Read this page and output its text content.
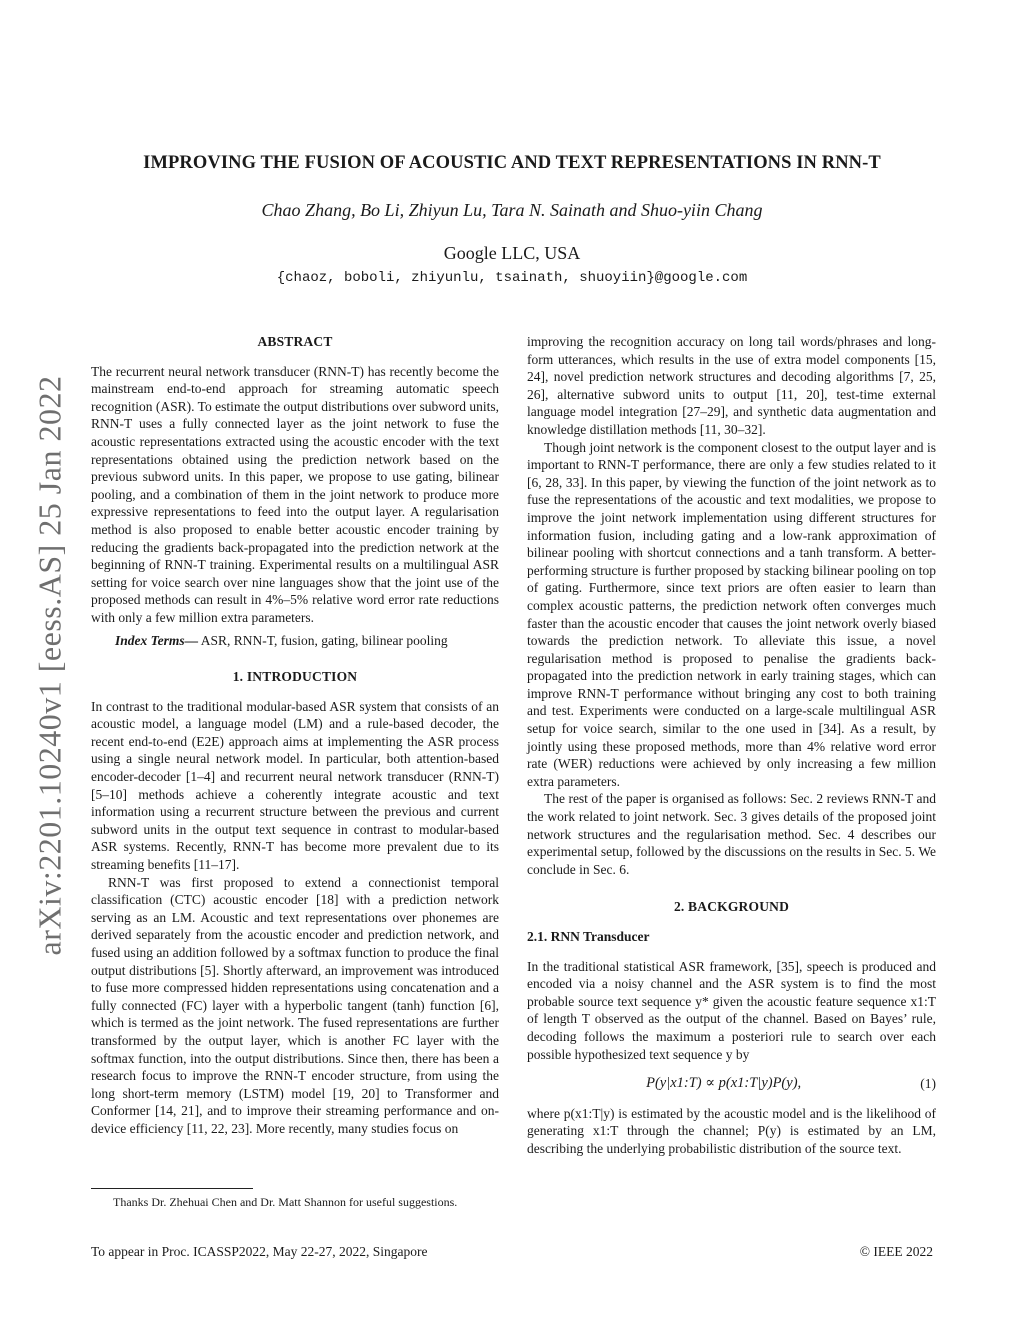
arXiv:2201.10240v1 [eess.AS] 25 Jan 2022
IMPROVING THE FUSION OF ACOUSTIC AND TEXT REPRESENTATIONS IN RNN-T
Chao Zhang, Bo Li, Zhiyun Lu, Tara N. Sainath and Shuo-yiin Chang
Google LLC, USA
{chaoz, boboli, zhiyunlu, tsainath, shuoyiin}@google.com
ABSTRACT

The recurrent neural network transducer (RNN-T) has recently become the mainstream end-to-end approach for streaming automatic speech recognition (ASR). To estimate the output distributions over subword units, RNN-T uses a fully connected layer as the joint network to fuse the acoustic representations extracted using the acoustic encoder with the text representations obtained using the prediction network based on the previous subword units. In this paper, we propose to use gating, bilinear pooling, and a combination of them in the joint network to produce more expressive representations to feed into the output layer. A regularisation method is also proposed to enable better acoustic encoder training by reducing the gradients back-propagated into the prediction network at the beginning of RNN-T training. Experimental results on a multilingual ASR setting for voice search over nine languages show that the joint use of the proposed methods can result in 4%–5% relative word error rate reductions with only a few million extra parameters.

Index Terms— ASR, RNN-T, fusion, gating, bilinear pooling

1. INTRODUCTION

In contrast to the traditional modular-based ASR system that consists of an acoustic model, a language model (LM) and a rule-based decoder, the recent end-to-end (E2E) approach aims at implementing the ASR process using a single neural network model. In particular, both attention-based encoder-decoder [1–4] and recurrent neural network transducer (RNN-T) [5–10] methods achieve a coherently integrate acoustic and text information using a recurrent structure between the previous and current subword units in the output text sequence in contrast to modular-based ASR systems. Recently, RNN-T has become more prevalent due to its streaming benefits [11–17].

RNN-T was first proposed to extend a connectionist temporal classification (CTC) acoustic encoder [18] with a prediction network serving as an LM. Acoustic and text representations over phonemes are derived separately from the acoustic encoder and prediction network, and fused using an addition followed by a softmax function to produce the final output distributions [5]. Shortly afterward, an improvement was introduced to fuse more compressed hidden representations using concatenation and a fully connected (FC) layer with a hyperbolic tangent (tanh) function [6], which is termed as the joint network. The fused representations are further transformed by the output layer, which is another FC layer with the softmax function, into the output distributions. Since then, there has been a research focus to improve the RNN-T encoder structure, from using the long short-term memory (LSTM) model [19, 20] to Transformer and Conformer [14, 21], and to improve their streaming performance and on-device efficiency [11, 22, 23]. More recently, many studies focus on

improving the recognition accuracy on long tail words/phrases and long-form utterances, which results in the use of extra model components [15, 24], novel prediction network structures and decoding algorithms [7, 25, 26], alternative subword units to output [11, 20], test-time external language model integration [27–29], and synthetic data augmentation and knowledge distillation methods [11, 30–32].

Though joint network is the component closest to the output layer and is important to RNN-T performance, there are only a few studies related to it [6, 28, 33]. In this paper, by viewing the function of the joint network as to fuse the representations of the acoustic and text modalities, we propose to improve the joint network implementation using different structures for information fusion, including gating and a low-rank approximation of bilinear pooling with shortcut connections and a tanh transform. A better-performing structure is further proposed by stacking bilinear pooling on top of gating. Furthermore, since text priors are often easier to learn than complex acoustic patterns, the prediction network often converges much faster than the acoustic encoder that causes the joint network overly biased towards the prediction network. To alleviate this issue, a novel regularisation method is proposed to penalise the gradients back-propagated into the prediction network in early training stages, which can improve RNN-T performance without bringing any cost to both training and test. Experiments were conducted on a large-scale multilingual ASR setup for voice search, similar to the one used in [34]. As a result, by jointly using these proposed methods, more than 4% relative word error rate (WER) reductions were achieved by only increasing a few million extra parameters.

The rest of the paper is organised as follows: Sec. 2 reviews RNN-T and the work related to joint network. Sec. 3 gives details of the proposed joint network structures and the regularisation method. Sec. 4 describes our experimental setup, followed by the discussions on the results in Sec. 5. We conclude in Sec. 6.

2. BACKGROUND

2.1. RNN Transducer

In the traditional statistical ASR framework, [35], speech is produced and encoded via a noisy channel and the ASR system is to find the most probable source text sequence y* given the acoustic feature sequence x1:T of length T observed as the output of the channel. Based on Bayes’ rule, decoding follows the maximum a posteriori rule to search over each possible hypothesized text sequence y by

P(y|x1:T) ∝ p(x1:T|y)P(y),	(1)

where p(x1:T|y) is estimated by the acoustic model and is the likelihood of generating x1:T through the channel; P(y) is estimated by an LM, describing the underlying probabilistic distribution of the source text.

Thanks Dr. Zhehuai Chen and Dr. Matt Shannon for useful suggestions.
To appear in Proc. ICASSP2022, May 22-27, 2022, Singapore	© IEEE 2022
